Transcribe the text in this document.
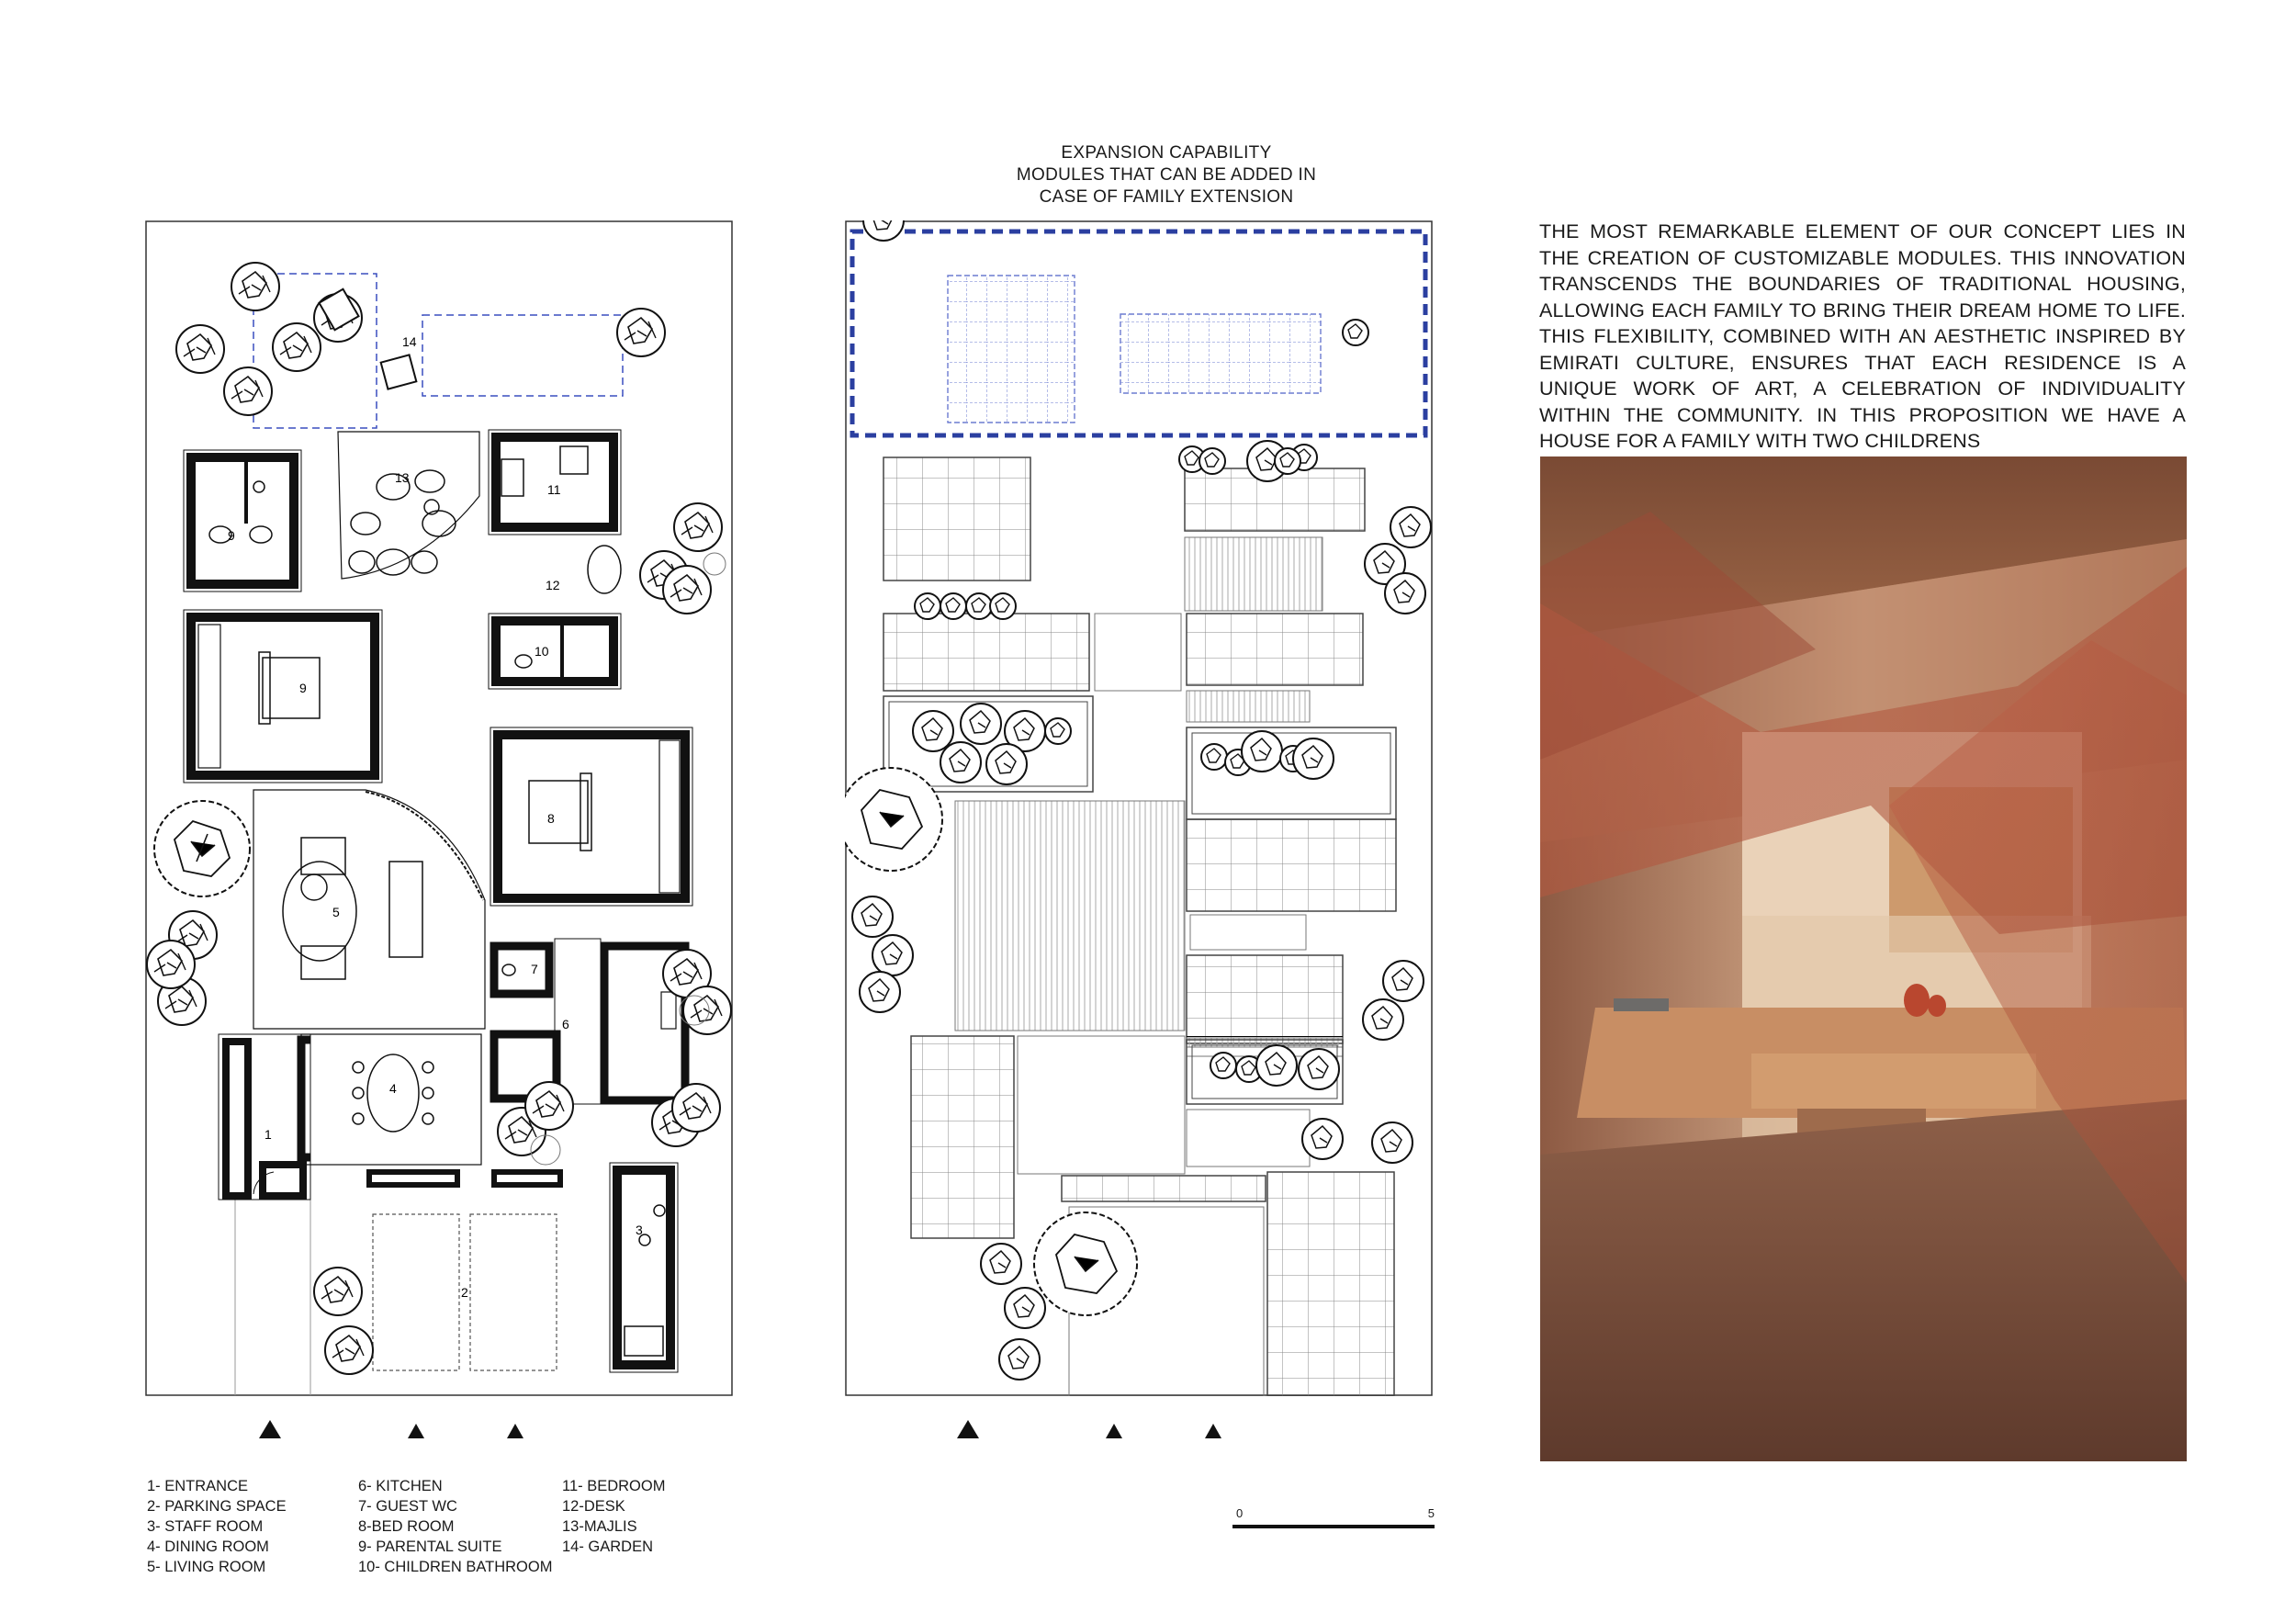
EXPANSION CAPABILITY
MODULES THAT CAN BE ADDED IN
CASE OF FAMILY EXTENSION
14
9
13
11
12
9
10
8
5
7
6
4
1
2
3
1- ENTRANCE
2- PARKING SPACE
3- STAFF ROOM
4- DINING ROOM
5- LIVING ROOM
6- KITCHEN
7- GUEST WC
8-BED ROOM
9- PARENTAL SUITE
10- CHILDREN BATHROOM
11- BEDROOM
12-DESK
13-MAJLIS
14- GARDEN
0	5
THE MOST REMARKABLE ELEMENT OF OUR CONCEPT LIES IN THE CREATION OF CUSTOMIZABLE MODULES. THIS INNOVATION TRANSCENDS THE BOUNDARIES OF TRADITIONAL HOUSING, ALLOWING EACH FAMILY TO BRING THEIR DREAM HOME TO LIFE. THIS FLEXIBILITY, COMBINED WITH AN AESTHETIC INSPIRED BY EMIRATI CULTURE, ENSURES THAT EACH RESIDENCE IS A UNIQUE WORK OF ART, A CELEBRATION OF INDIVIDUALITY WITHIN THE COMMUNITY. IN THIS PROPOSITION WE HAVE A HOUSE FOR A FAMILY WITH TWO CHILDRENS
